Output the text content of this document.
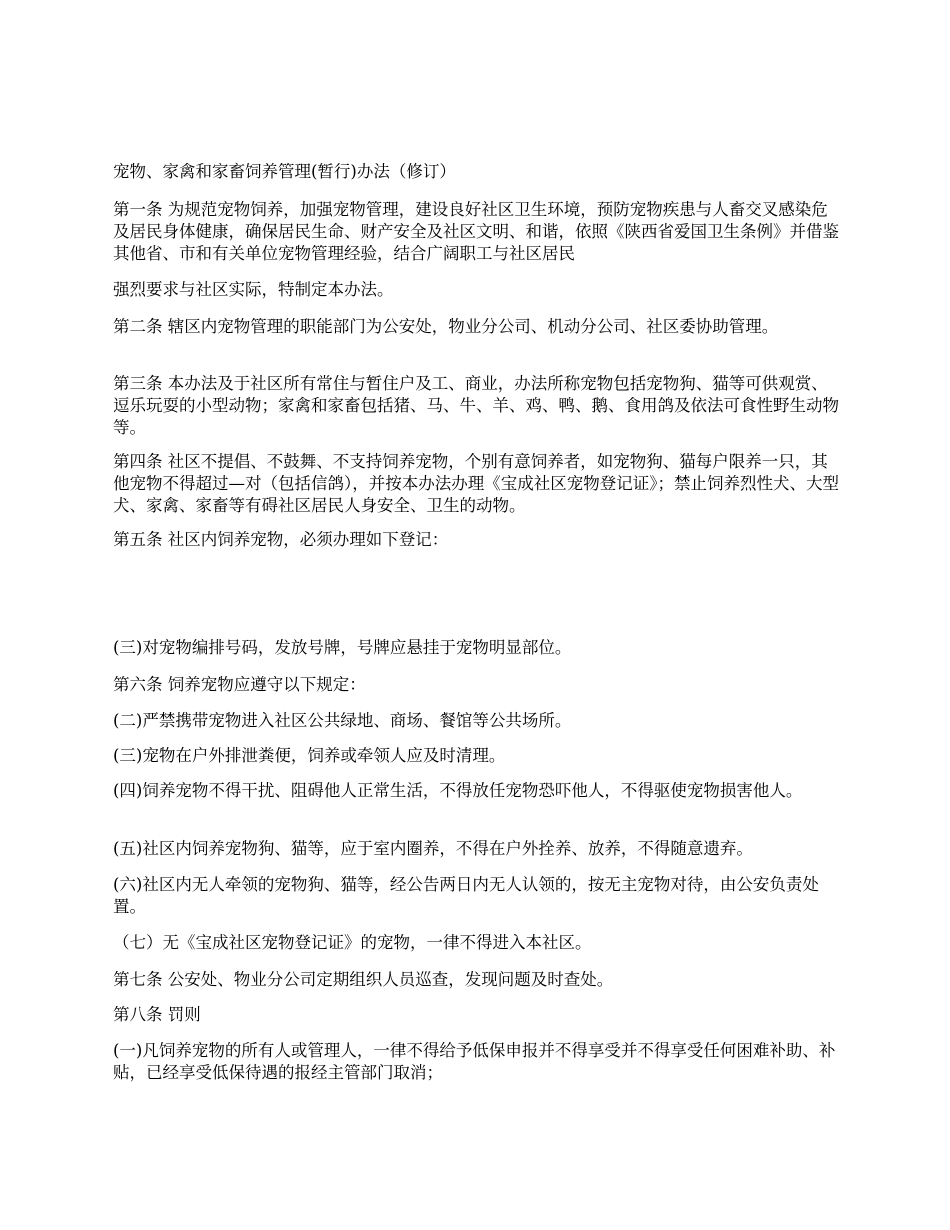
宠物、家禽和家畜饲养管理(暂行)办法（修订）

第一条 为规范宠物饲养，加强宠物管理，建设良好社区卫生环境，预防宠物疾患与人畜交叉感染危及居民身体健康，确保居民生命、财产安全及社区文明、和谐，依照《陕西省爱国卫生条例》并借鉴其他省、市和有关单位宠物管理经验，结合广阔职工与社区居民

强烈要求与社区实际，特制定本办法。

第二条 辖区内宠物管理的职能部门为公安处，物业分公司、机动分公司、社区委协助管理。

第三条 本办法及于社区所有常住与暂住户及工、商业，办法所称宠物包括宠物狗、猫等可供观赏、逗乐玩耍的小型动物；家禽和家畜包括猪、马、牛、羊、鸡、鸭、鹅、食用鸽及依法可食性野生动物等。

第四条 社区不提倡、不鼓舞、不支持饲养宠物，个别有意饲养者，如宠物狗、猫每户限养一只，其他宠物不得超过—对（包括信鸽），并按本办法办理《宝成社区宠物登记证》；禁止饲养烈性犬、大型犬、家禽、家畜等有碍社区居民人身安全、卫生的动物。

第五条 社区内饲养宠物，必须办理如下登记：

(三)对宠物编排号码，发放号牌，号牌应悬挂于宠物明显部位。

第六条 饲养宠物应遵守以下规定：

(二)严禁携带宠物进入社区公共绿地、商场、餐馆等公共场所。

(三)宠物在户外排泄粪便，饲养或牵领人应及时清理。

(四)饲养宠物不得干扰、阻碍他人正常生活，不得放任宠物恐吓他人，不得驱使宠物损害他人。

(五)社区内饲养宠物狗、猫等，应于室内圈养，不得在户外拴养、放养，不得随意遗弃。

(六)社区内无人牵领的宠物狗、猫等，经公告两日内无人认领的，按无主宠物对待，由公安负责处置。

（七）无《宝成社区宠物登记证》的宠物，一律不得进入本社区。

第七条 公安处、物业分公司定期组织人员巡查，发现问题及时查处。

第八条 罚则

(一)凡饲养宠物的所有人或管理人，一律不得给予低保申报并不得享受并不得享受任何困难补助、补贴，已经享受低保待遇的报经主管部门取消；
